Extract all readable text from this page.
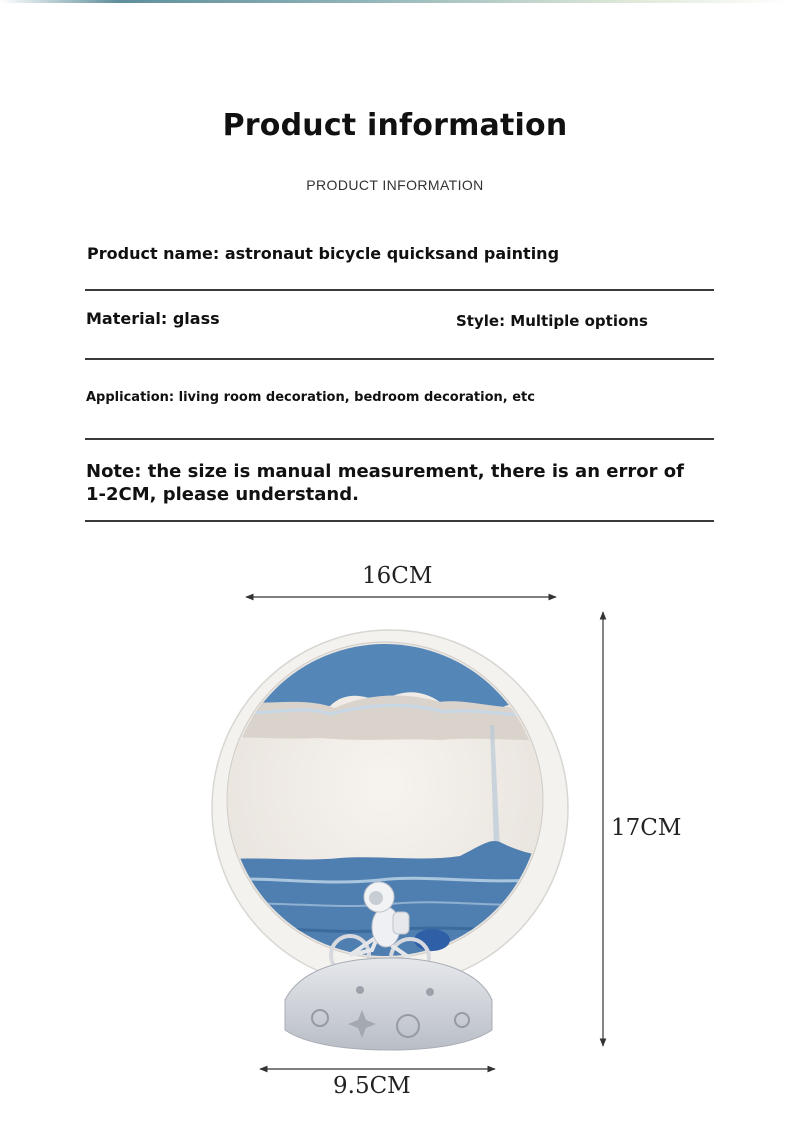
Product information
PRODUCT INFORMATION
Product name: astronaut bicycle quicksand painting
Material: glass	Style: Multiple options
Application: living room decoration, bedroom decoration, etc
Note: the size is manual measurement, there is an error of
1-2CM, please understand.
16CM
17CM
9.5CM
